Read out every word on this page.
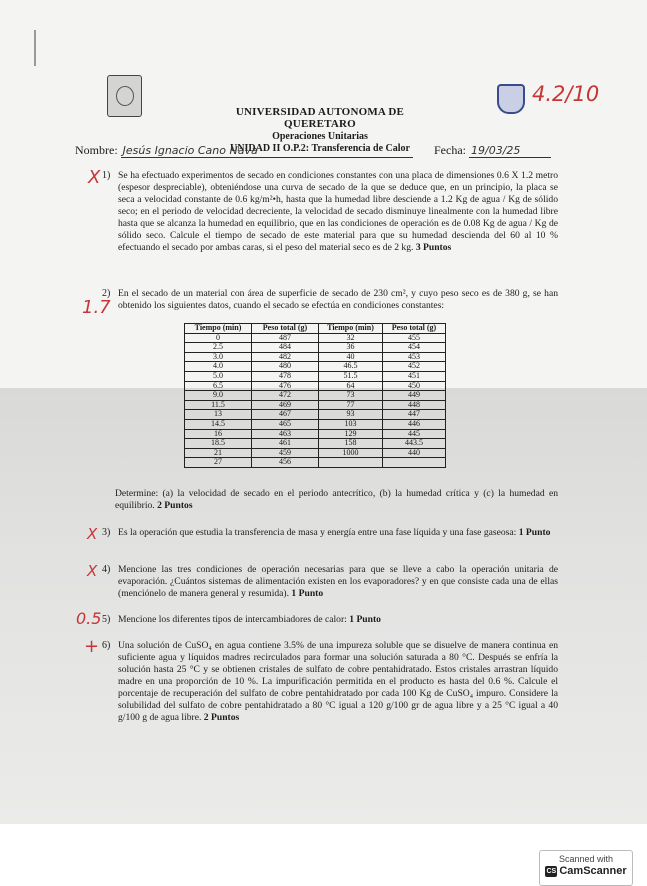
UNIVERSIDAD AUTONOMA DE QUERETARO
Operaciones Unitarias
UNIDAD II O.P.2: Transferencia de Calor
4.2/10
Nombre: Jesús Ignacio Cano Nava	Fecha: 19/03/25
X 1) Se ha efectuado experimentos de secado en condiciones constantes con una placa de dimensiones 0.6 X 1.2 metro (espesor despreciable), obteniéndose una curva de secado de la que se deduce que, en un principio, la placa se seca a velocidad constante de 0.6 kg/m²•h, hasta que la humedad libre desciende a 1.2 Kg de agua / Kg de sólido seco; en el periodo de velocidad decreciente, la velocidad de secado disminuye linealmente con la humedad libre hasta que se alcanza la humedad en equilibrio, que en las condiciones de operación es de 0.08 Kg de agua / Kg de sólido seco. Calcule el tiempo de secado de este material para que su humedad descienda del 60 al 10 % efectuando el secado por ambas caras, si el peso del material seco es de 2 kg. 3 Puntos
1.7
2) En el secado de un material con área de superficie de secado de 230 cm², y cuyo peso seco es de 380 g, se han obtenido los siguientes datos, cuando el secado se efectúa en condiciones constantes:
Tiempo (min)	Peso total (g)	Tiempo (min)	Peso total (g)
0	487	32	455
2.5	484	36	454
3.0	482	40	453
4.0	480	46.5	452
5.0	478	51.5	451
6.5	476	64	450
9.0	472	73	449
11.5	469	77	448
13	467	93	447
14.5	465	103	446
16	463	129	445
18.5	461	158	443.5
21	459	1000	440
27	456		
Determine: (a) la velocidad de secado en el periodo antecrítico, (b) la humedad crítica y (c) la humedad en equilibrio. 2 Puntos
X 3) Es la operación que estudia la transferencia de masa y energía entre una fase líquida y una fase gaseosa: 1 Punto
X 4) Mencione las tres condiciones de operación necesarias para que se lleve a cabo la operación unitaria de evaporación. ¿Cuántos sistemas de alimentación existen en los evaporadores? y en que consiste cada una de ellas (menciónelo de manera general y resumida). 1 Punto
0.5 5) Mencione los diferentes tipos de intercambiadores de calor: 1 Punto
+ 6) Una solución de CuSO₄ en agua contiene 3.5% de una impureza soluble que se disuelve de manera continua en suficiente agua y líquidos madres recirculados para formar una solución saturada a 80 °C. Después se enfría la solución hasta 25 °C y se obtienen cristales de sulfato de cobre pentahidratado. Estos cristales arrastran líquido madre en una proporción de 10 %. La impurificación permitida en el producto es hasta del 0.6 %. Calcule el porcentaje de recuperación del sulfato de cobre pentahidratado por cada 100 Kg de CuSO₄ impuro. Considere la solubilidad del sulfato de cobre pentahidratado a 80 °C igual a 120 g/100 gr de agua libre y a 25 °C igual a 40 g/100 g de agua libre. 2 Puntos
Scanned with
CS CamScanner
